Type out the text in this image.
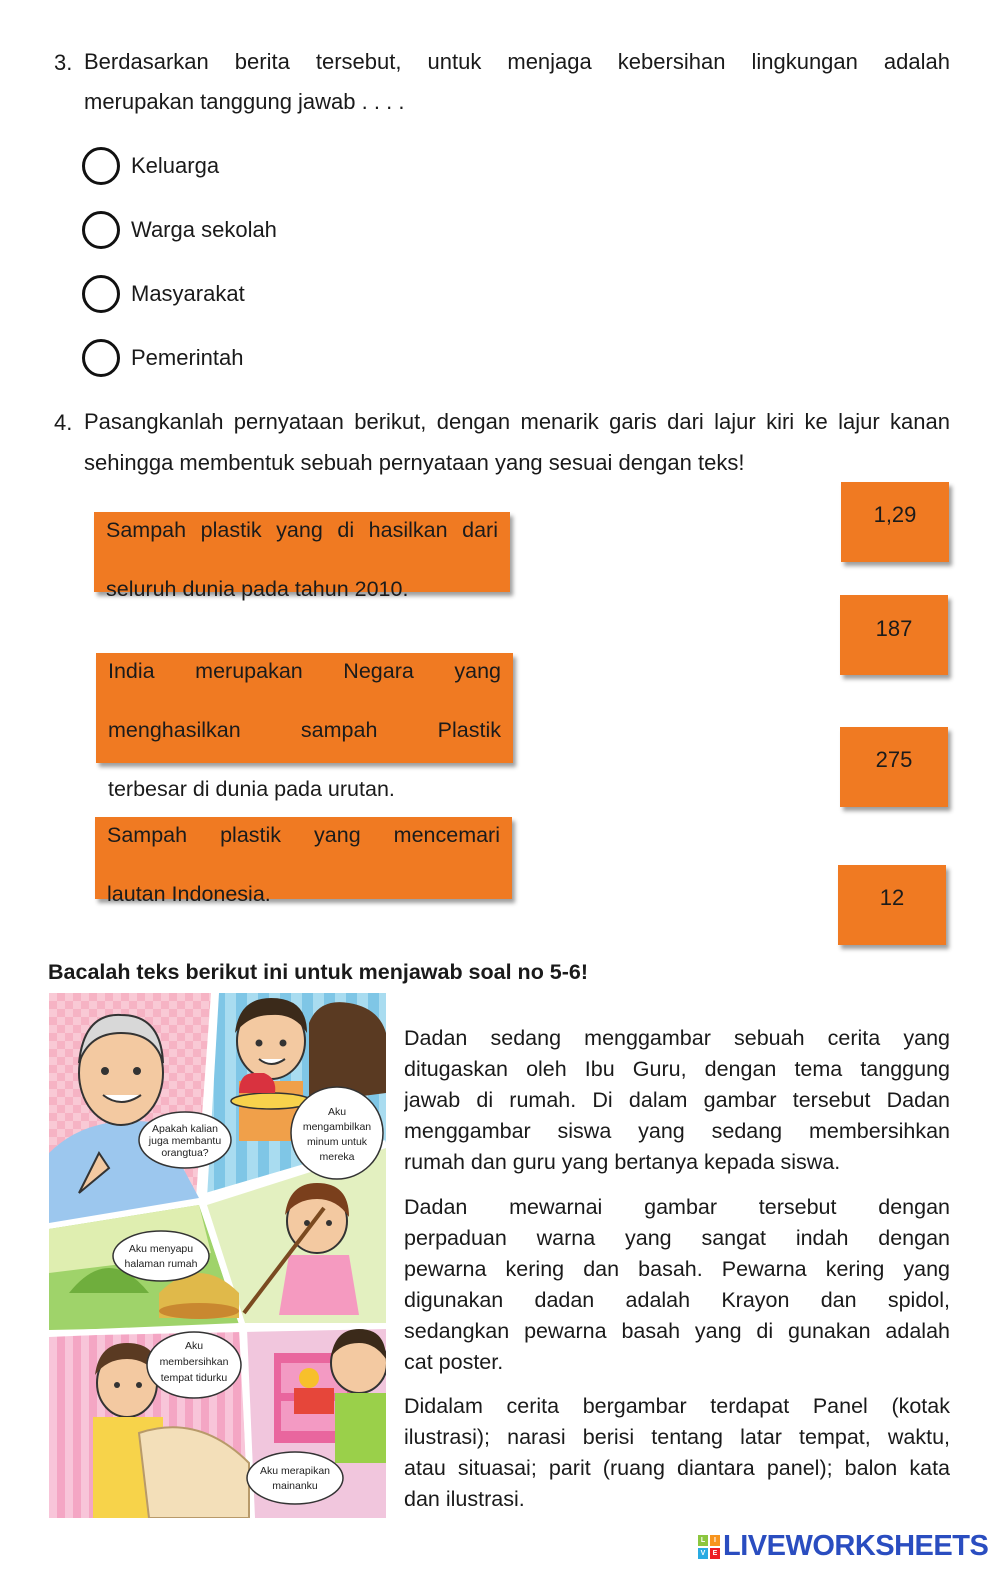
3. Berdasarkan berita tersebut, untuk menjaga kebersihan lingkungan adalah
merupakan tanggung jawab . . . .
Keluarga
Warga sekolah
Masyarakat
Pemerintah
4. Pasangkanlah pernyataan berikut, dengan menarik garis dari lajur kiri ke lajur kanan
sehingga membentuk sebuah pernyataan yang sesuai dengan teks!
Sampah plastik yang di hasilkan dari
seluruh dunia pada tahun 2010.
India merupakan Negara yang
menghasilkan sampah Plastik
terbesar di dunia pada urutan.
Sampah plastik yang mencemari
lautan Indonesia.
1,29
187
275
12
Bacalah teks berikut ini untuk menjawab soal no 5-6!
Apakah kalian
juga membantu
orangtua?
Aku
mengambilkan
minum untuk
mereka
Aku menyapu
halaman rumah
Aku
membersihkan
tempat tidurku
Aku merapikan
mainanku
Dadan sedang menggambar sebuah cerita yang
ditugaskan oleh Ibu Guru, dengan tema tanggung
jawab di rumah. Di dalam gambar tersebut Dadan
menggambar siswa yang sedang membersihkan
rumah dan guru yang bertanya kepada siswa.
Dadan mewarnai gambar tersebut dengan
perpaduan warna yang sangat indah dengan
pewarna kering dan basah. Pewarna kering yang
digunakan dadan adalah Krayon dan spidol,
sedangkan pewarna basah yang di gunakan adalah
cat poster.
Didalam cerita bergambar terdapat Panel (kotak
ilustrasi); narasi berisi tentang latar tempat, waktu,
atau situasai; parit (ruang diantara panel); balon kata
dan ilustrasi.
L	I
V	E LIVEWORKSHEETS
